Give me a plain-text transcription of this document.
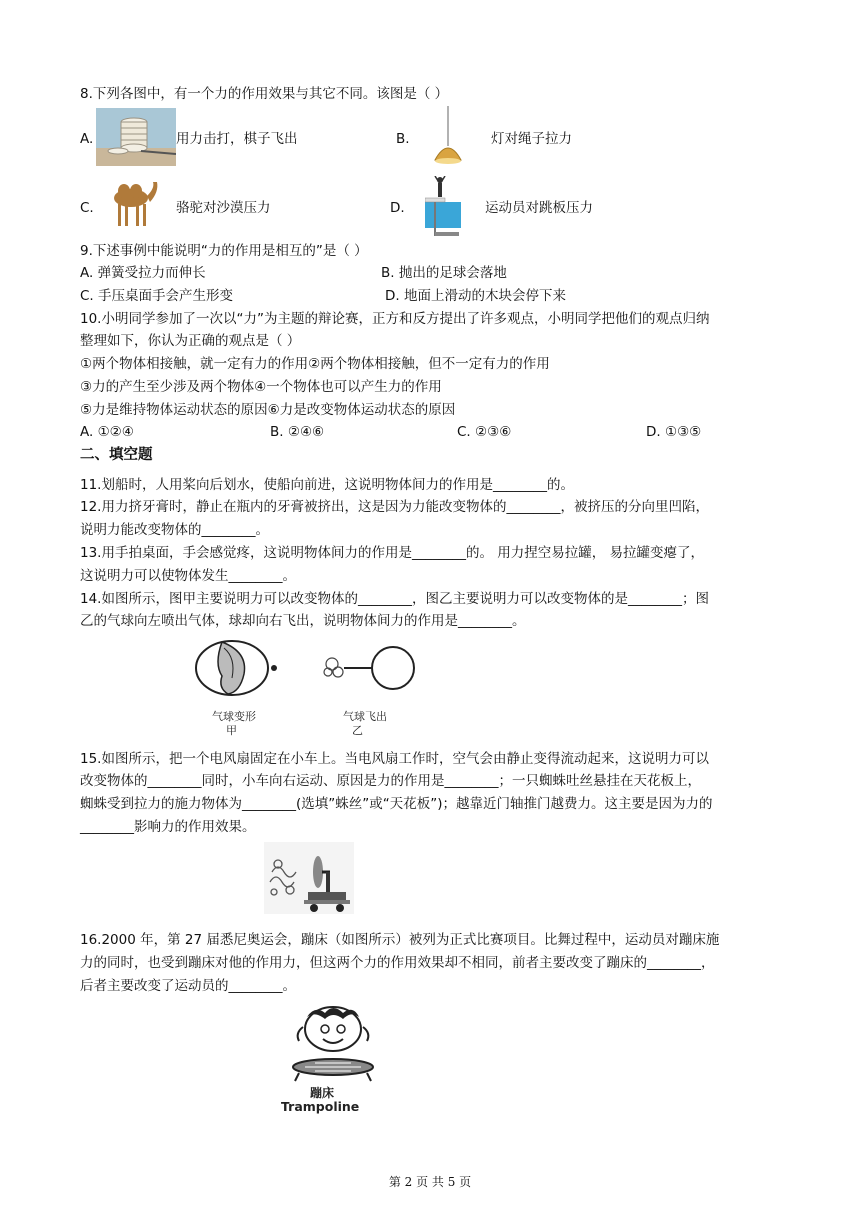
8.下列各图中，有一个力的作用效果与其它不同。该图是（ ）
A.	用力击打，棋子飞出	B.	灯对绳子拉力
C.	骆驼对沙漠压力	D.	运动员对跳板压力
9.下述事例中能说明“力的作用是相互的”是（ ）
A. 弹簧受拉力而伸长	B. 抛出的足球会落地
C. 手压桌面手会产生形变	D. 地面上滑动的木块会停下来
10.小明同学参加了一次以“力”为主题的辩论赛，正方和反方提出了许多观点，小明同学把他们的观点归纳
整理如下，你认为正确的观点是（ ）
①两个物体相接触，就一定有力的作用②两个物体相接触，但不一定有力的作用
③力的产生至少涉及两个物体④一个物体也可以产生力的作用
⑤力是维持物体运动状态的原因⑥力是改变物体运动状态的原因
A. ①②④	B. ②④⑥	C. ②③⑥	D. ①③⑤
二、填空题
11.划船时，人用桨向后划水，使船向前进，这说明物体间力的作用是________的。
12.用力挤牙膏时，静止在瓶内的牙膏被挤出，这是因为力能改变物体的________，被挤压的分向里凹陷，
说明力能改变物体的________。
13.用手拍桌面，手会感觉疼，这说明物体间力的作用是________的。 用力捏空易拉罐， 易拉罐变瘪了，
这说明力可以使物体发生________。
14.如图所示，图甲主要说明力可以改变物体的________，图乙主要说明力可以改变物体的是________；图
乙的气球向左喷出气体，球却向右飞出，说明物体间力的作用是________。
气球变形
甲
气球飞出
乙
15.如图所示，把一个电风扇固定在小车上。当电风扇工作时，空气会由静止变得流动起来，这说明力可以
改变物体的________同时，小车向右运动、原因是力的作用是________；一只蜘蛛吐丝悬挂在天花板上，
蜘蛛受到拉力的施力物体为________(选填”蛛丝”或“天花板”)；越靠近门轴推门越费力。这主要是因为力的
________影响力的作用效果。
16.2000 年，第 27 届悉尼奥运会，蹦床（如图所示）被列为正式比赛项目。比舞过程中，运动员对蹦床施
力的同时，也受到蹦床对他的作用力，但这两个力的作用效果却不相同，前者主要改变了蹦床的________，
后者主要改变了运动员的________。
蹦床
Trampoline
第 2 页 共 5 页
